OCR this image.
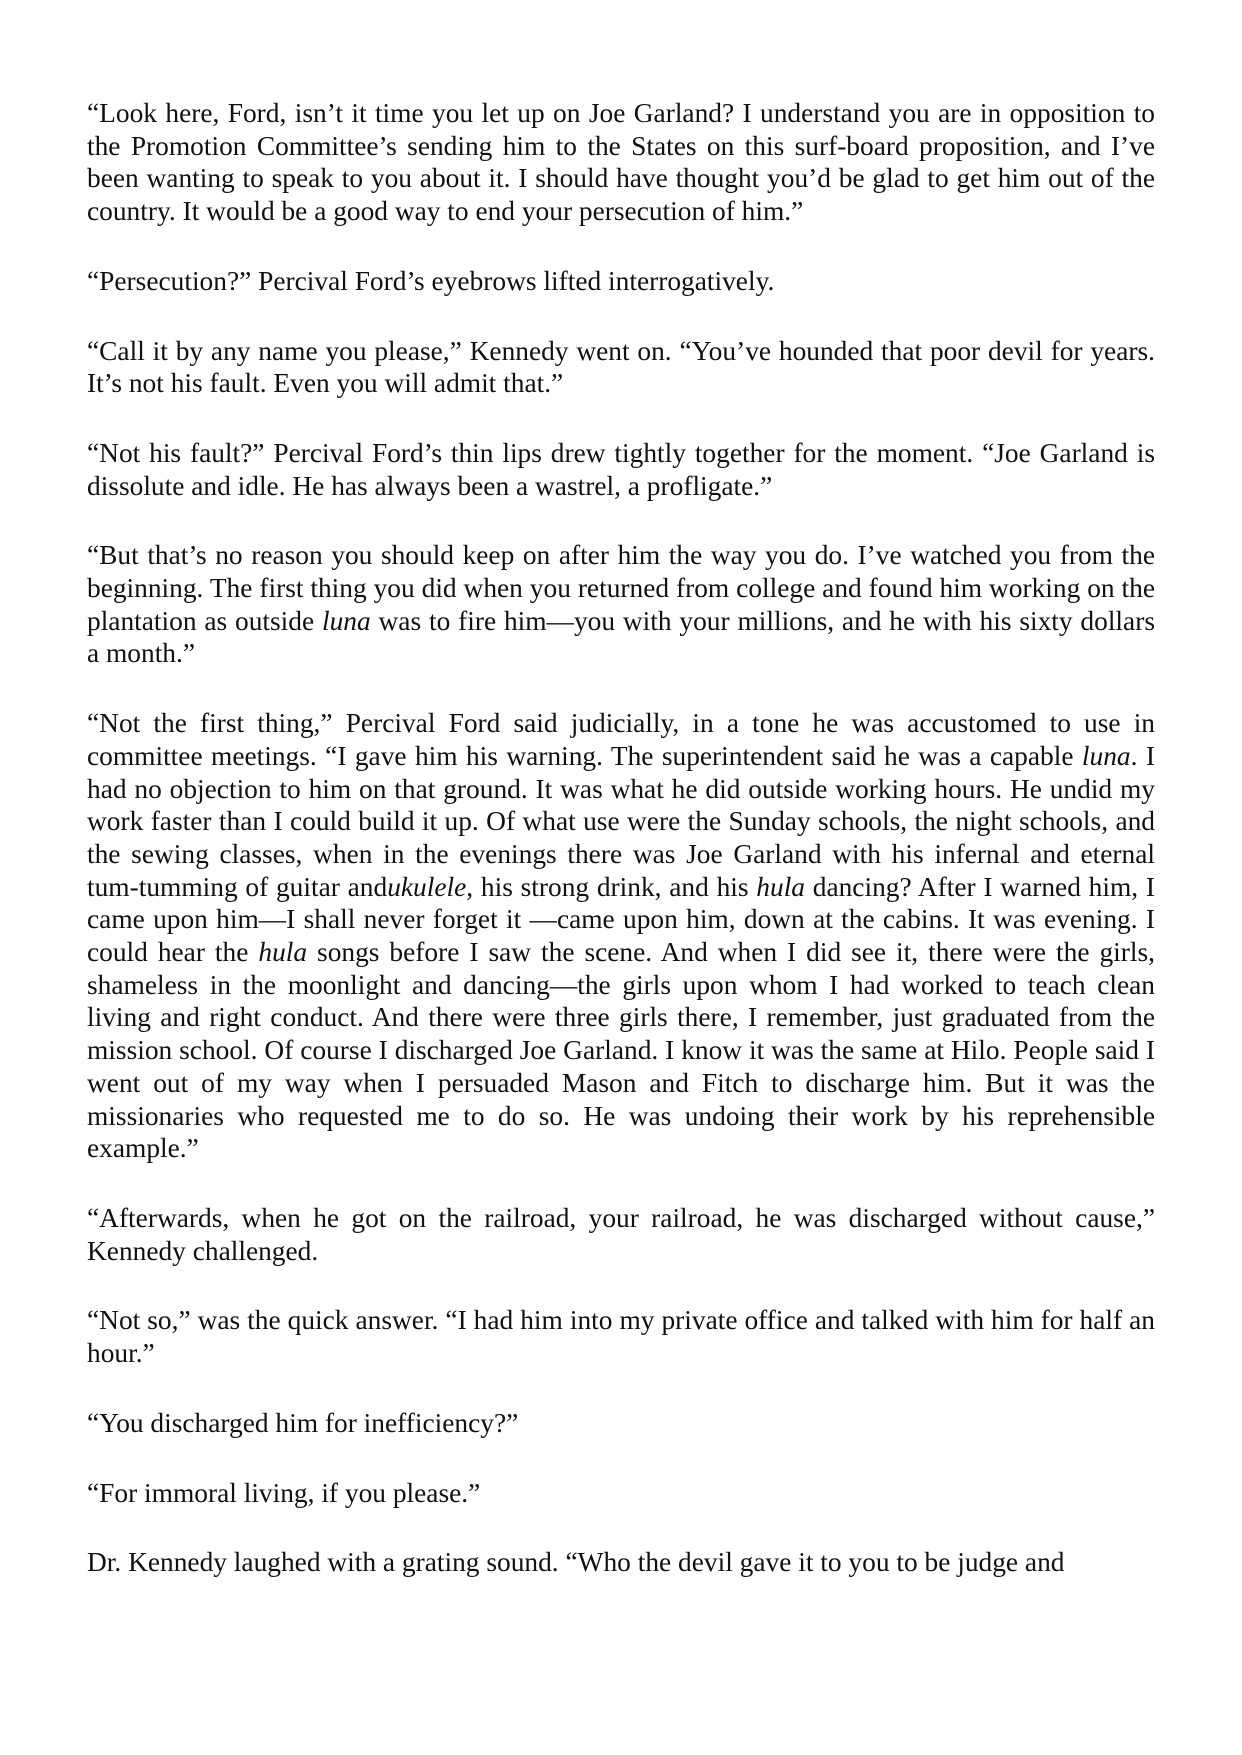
“Look here, Ford, isn’t it time you let up on Joe Garland? I understand you are in opposition to the Promotion Committee’s sending him to the States on this surf-board proposition, and I’ve been wanting to speak to you about it. I should have thought you’d be glad to get him out of the country. It would be a good way to end your persecution of him.”

“Persecution?” Percival Ford’s eyebrows lifted interrogatively.

“Call it by any name you please,” Kennedy went on. “You’ve hounded that poor devil for years. It’s not his fault. Even you will admit that.”

“Not his fault?” Percival Ford’s thin lips drew tightly together for the moment. “Joe Garland is dissolute and idle. He has always been a wastrel, a profligate.”

“But that’s no reason you should keep on after him the way you do. I’ve watched you from the beginning. The first thing you did when you returned from college and found him working on the plantation as outside luna was to fire him—you with your millions, and he with his sixty dollars a month.”

“Not the first thing,” Percival Ford said judicially, in a tone he was accustomed to use in committee meetings. “I gave him his warning. The superintendent said he was a capable luna. I had no objection to him on that ground. It was what he did outside working hours. He undid my work faster than I could build it up. Of what use were the Sunday schools, the night schools, and the sewing classes, when in the evenings there was Joe Garland with his infernal and eternal tum-tumming of guitar andukulele, his strong drink, and his hula dancing? After I warned him, I came upon him—I shall never forget it —came upon him, down at the cabins. It was evening. I could hear the hula songs before I saw the scene. And when I did see it, there were the girls, shameless in the moonlight and dancing—the girls upon whom I had worked to teach clean living and right conduct. And there were three girls there, I remember, just graduated from the mission school. Of course I discharged Joe Garland. I know it was the same at Hilo. People said I went out of my way when I persuaded Mason and Fitch to discharge him. But it was the missionaries who requested me to do so. He was undoing their work by his reprehensible example.”

“Afterwards, when he got on the railroad, your railroad, he was discharged without cause,” Kennedy challenged.

“Not so,” was the quick answer. “I had him into my private office and talked with him for half an hour.”

“You discharged him for inefficiency?”

“For immoral living, if you please.”

Dr. Kennedy laughed with a grating sound. “Who the devil gave it to you to be judge and
